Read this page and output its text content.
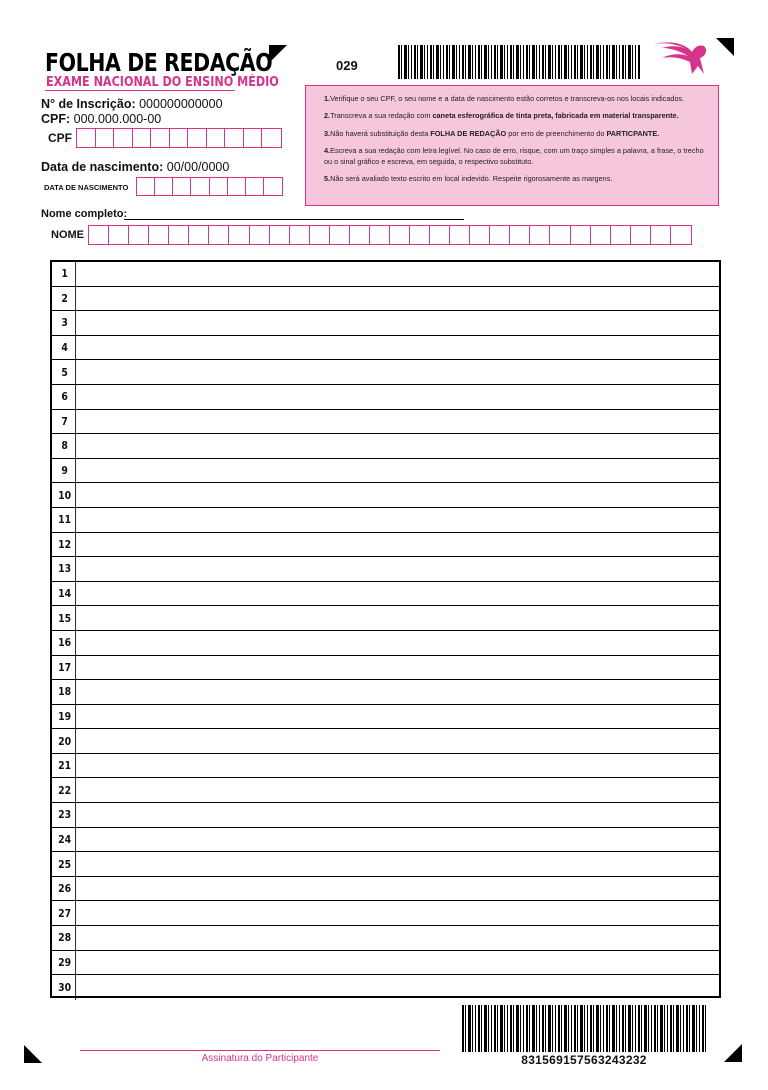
FOLHA DE REDAÇÃO
EXAME NACIONAL DO ENSINO MÉDIO
029
N° de Inscrição: 000000000000
CPF: 000.000.000-00
CPF
Data de nascimento: 00/00/0000
DATA DE NASCIMENTO
Nome completo:
NOME

1.Verifique o seu CPF, o seu nome e a data de nascimento estão corretos e transcreva-os nos locais indicados.

2.Transcreva a sua redação com caneta esferográfica de tinta preta, fabricada em material transparente.

3.Não haverá substituição desta FOLHA DE REDAÇÃO por erro de preenchimento do PARTICPANTE.

4.Escreva a sua redação com letra legível. No caso de erro, risque, com um traço simples a palavra, a frase, o trecho ou o sinal gráfico e escreva, em seguida, o respectivo substituto.

5.Não será avaliado texto escrito em local indevido. Respeite rigorosamente as margens.

1
2
3
4
5
6
7
8
9
10
11
12
13
14
15
16
17
18
19
20
21
22
23
24
25
26
27
28
29
30
Assinatura do Participante	831569157563243232
